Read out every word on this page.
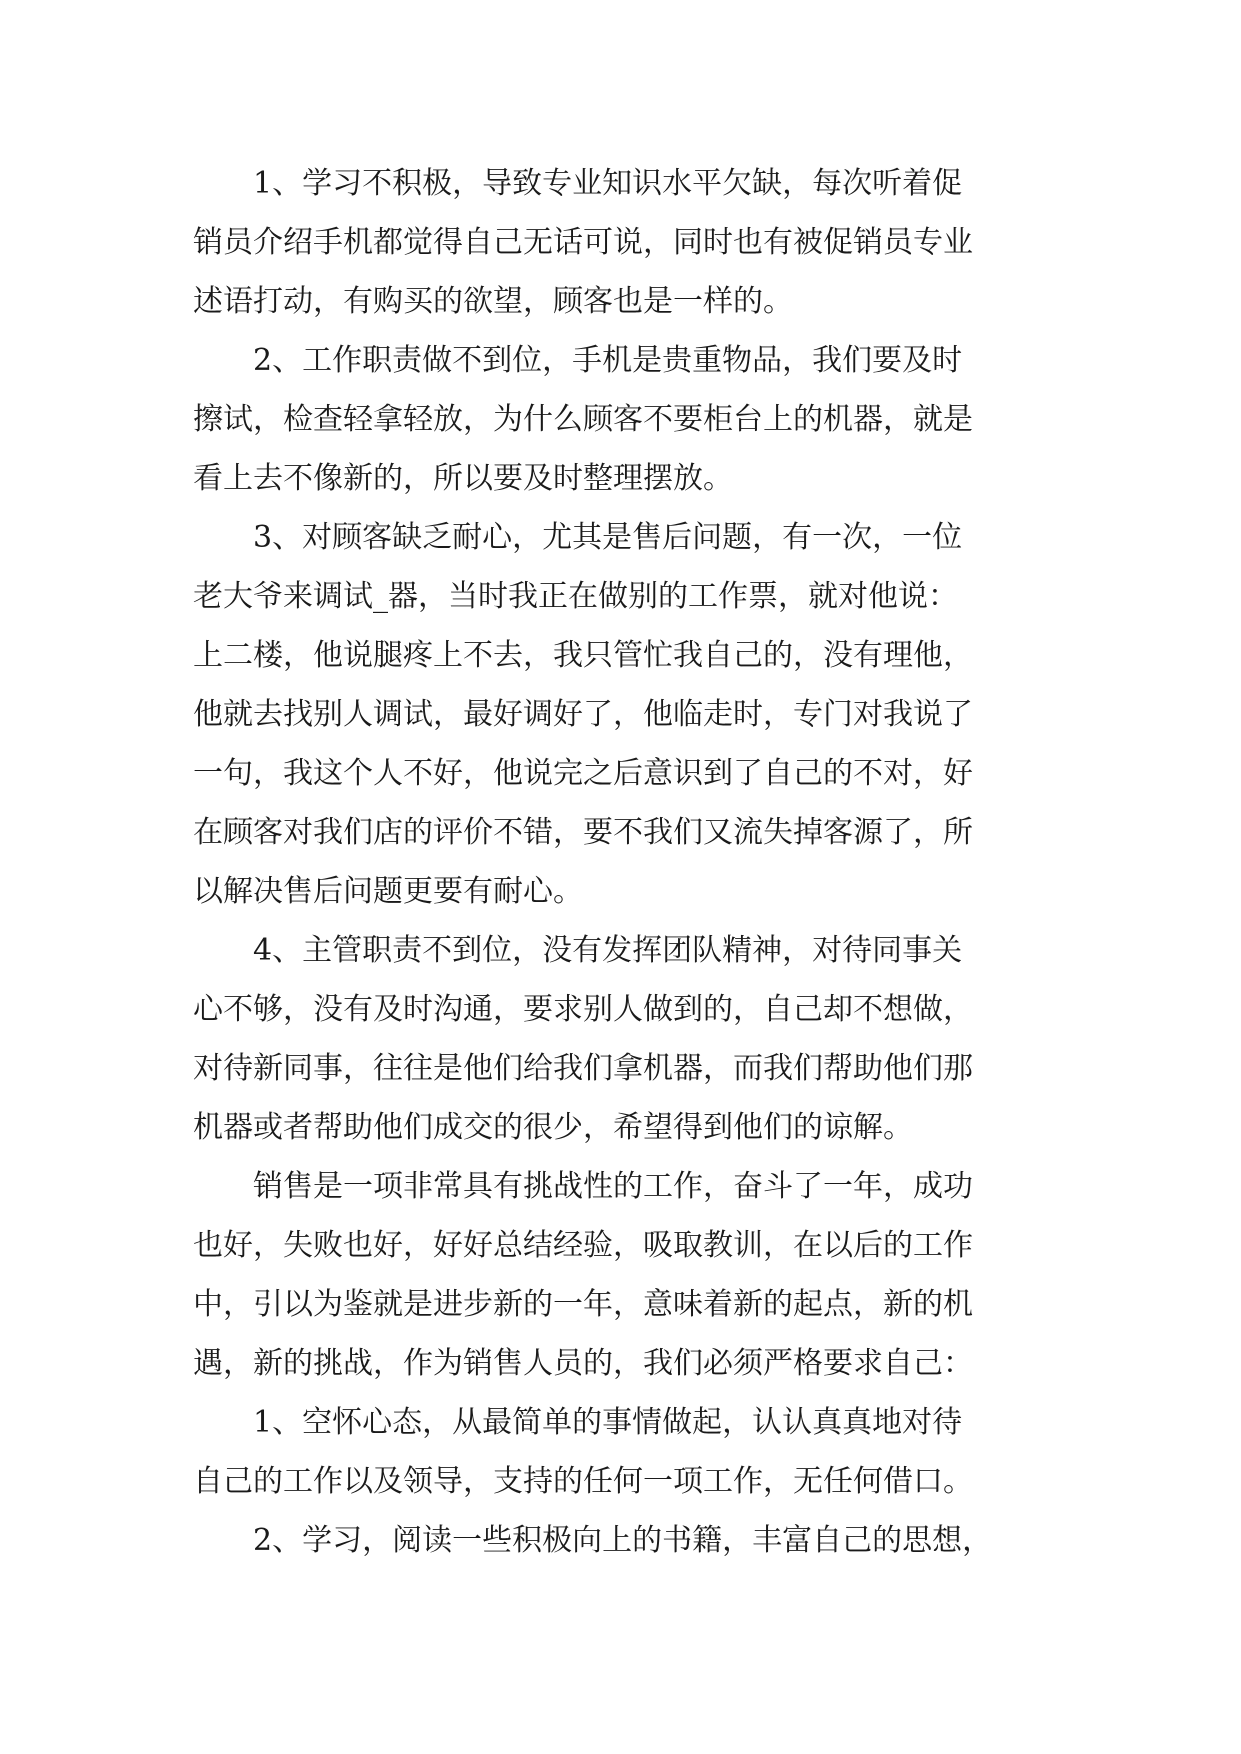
1、学习不积极，导致专业知识水平欠缺，每次听着促
销员介绍手机都觉得自己无话可说，同时也有被促销员专业
述语打动，有购买的欲望，顾客也是一样的。
2、工作职责做不到位，手机是贵重物品，我们要及时
擦试，检查轻拿轻放，为什么顾客不要柜台上的机器，就是
看上去不像新的，所以要及时整理摆放。
3、对顾客缺乏耐心，尤其是售后问题，有一次，一位
老大爷来调试_器，当时我正在做别的工作票，就对他说：
上二楼，他说腿疼上不去，我只管忙我自己的，没有理他，
他就去找别人调试，最好调好了，他临走时，专门对我说了
一句，我这个人不好，他说完之后意识到了自己的不对，好
在顾客对我们店的评价不错，要不我们又流失掉客源了，所
以解决售后问题更要有耐心。
4、主管职责不到位，没有发挥团队精神，对待同事关
心不够，没有及时沟通，要求别人做到的，自己却不想做，
对待新同事，往往是他们给我们拿机器，而我们帮助他们那
机器或者帮助他们成交的很少，希望得到他们的谅解。
销售是一项非常具有挑战性的工作，奋斗了一年，成功
也好，失败也好，好好总结经验，吸取教训，在以后的工作
中，引以为鉴就是进步新的一年，意味着新的起点，新的机
遇，新的挑战，作为销售人员的，我们必须严格要求自己：
1、空怀心态，从最简单的事情做起，认认真真地对待
自己的工作以及领导，支持的任何一项工作，无任何借口。
2、学习，阅读一些积极向上的书籍，丰富自己的思想，
